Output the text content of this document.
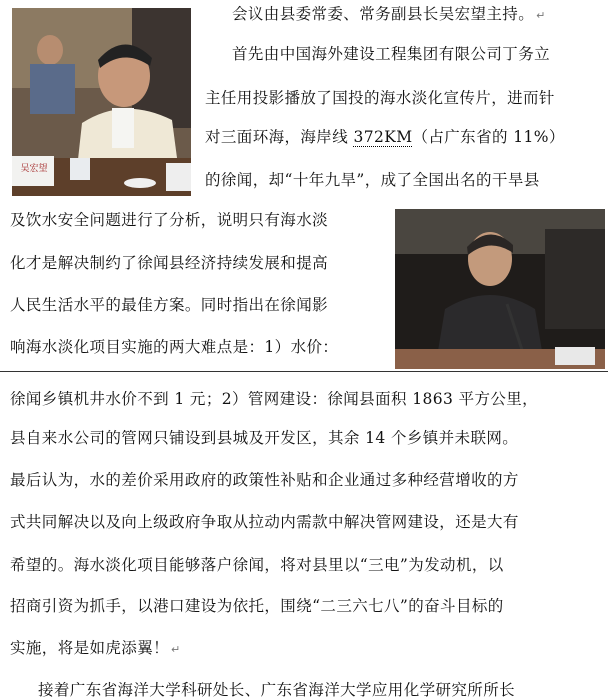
吴宏望
会议由县委常委、常务副县长吴宏望主持。 ↵
首先由中国海外建设工程集团有限公司丁务立
主任用投影播放了国投的海水淡化宣传片，进而针
对三面环海，海岸线 372KM（占广东省的 11%）
的徐闻，却“十年九旱”，成了全国出名的干旱县
及饮水安全问题进行了分析，说明只有海水淡
化才是解决制约了徐闻县经济持续发展和提高
人民生活水平的最佳方案。同时指出在徐闻影
响海水淡化项目实施的两大难点是：1）水价：
徐闻乡镇机井水价不到 1 元；2）管网建设：徐闻县面积 1863 平方公里，
县自来水公司的管网只铺设到县城及开发区，其余 14 个乡镇并未联网。
最后认为，水的差价采用政府的政策性补贴和企业通过多种经营增收的方
式共同解决以及向上级政府争取从拉动内需款中解决管网建设，还是大有
希望的。海水淡化项目能够落户徐闻，将对县里以“三电”为发动机，以
招商引资为抓手，以港口建设为依托，围绕“二三六七八”的奋斗目标的
实施，将是如虎添翼！ ↵
接着广东省海洋大学科研处长、广东省海洋大学应用化学研究所所长
